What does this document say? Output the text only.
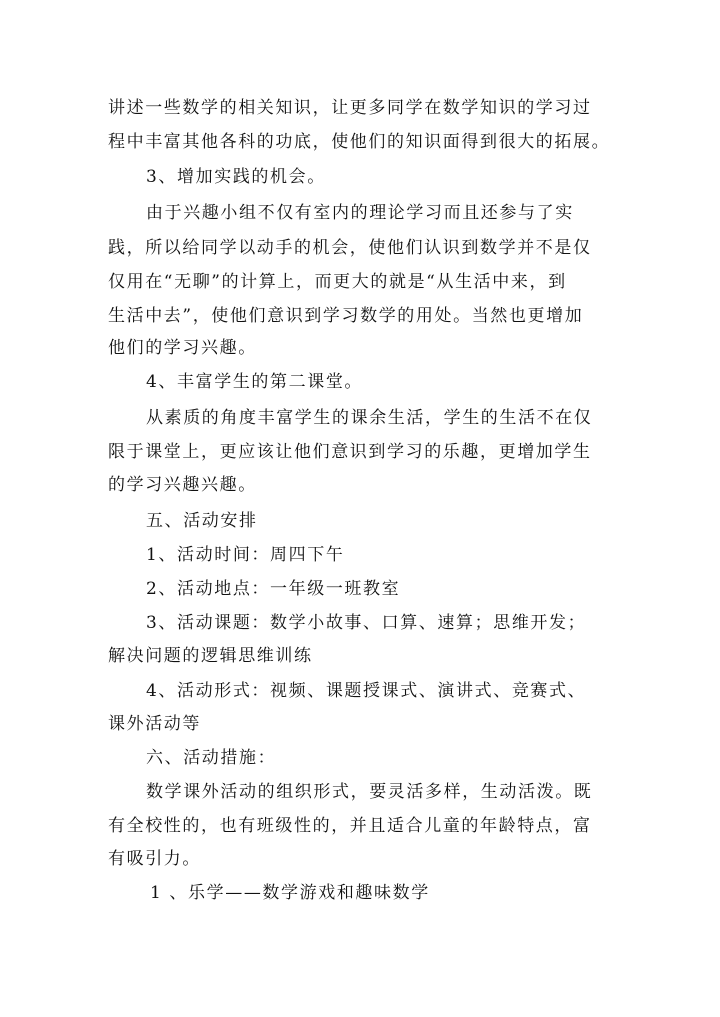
讲述一些数学的相关知识，让更多同学在数学知识的学习过
程中丰富其他各科的功底，使他们的知识面得到很大的拓展。
3、增加实践的机会。
由于兴趣小组不仅有室内的理论学习而且还参与了实
践，所以给同学以动手的机会，使他们认识到数学并不是仅
仅用在“无聊”的计算上，而更大的就是“从生活中来，到
生活中去”，使他们意识到学习数学的用处。当然也更增加
他们的学习兴趣。
4、丰富学生的第二课堂。
从素质的角度丰富学生的课余生活，学生的生活不在仅
限于课堂上，更应该让他们意识到学习的乐趣，更增加学生
的学习兴趣兴趣。
五、活动安排
1、活动时间：周四下午
2、活动地点：一年级一班教室
3、活动课题：数学小故事、口算、速算；思维开发；
解决问题的逻辑思维训练
4、活动形式：视频、课题授课式、演讲式、竞赛式、
课外活动等
六、活动措施：
数学课外活动的组织形式，要灵活多样，生动活泼。既
有全校性的，也有班级性的，并且适合儿童的年龄特点，富
有吸引力。
1 、乐学——数学游戏和趣味数学
